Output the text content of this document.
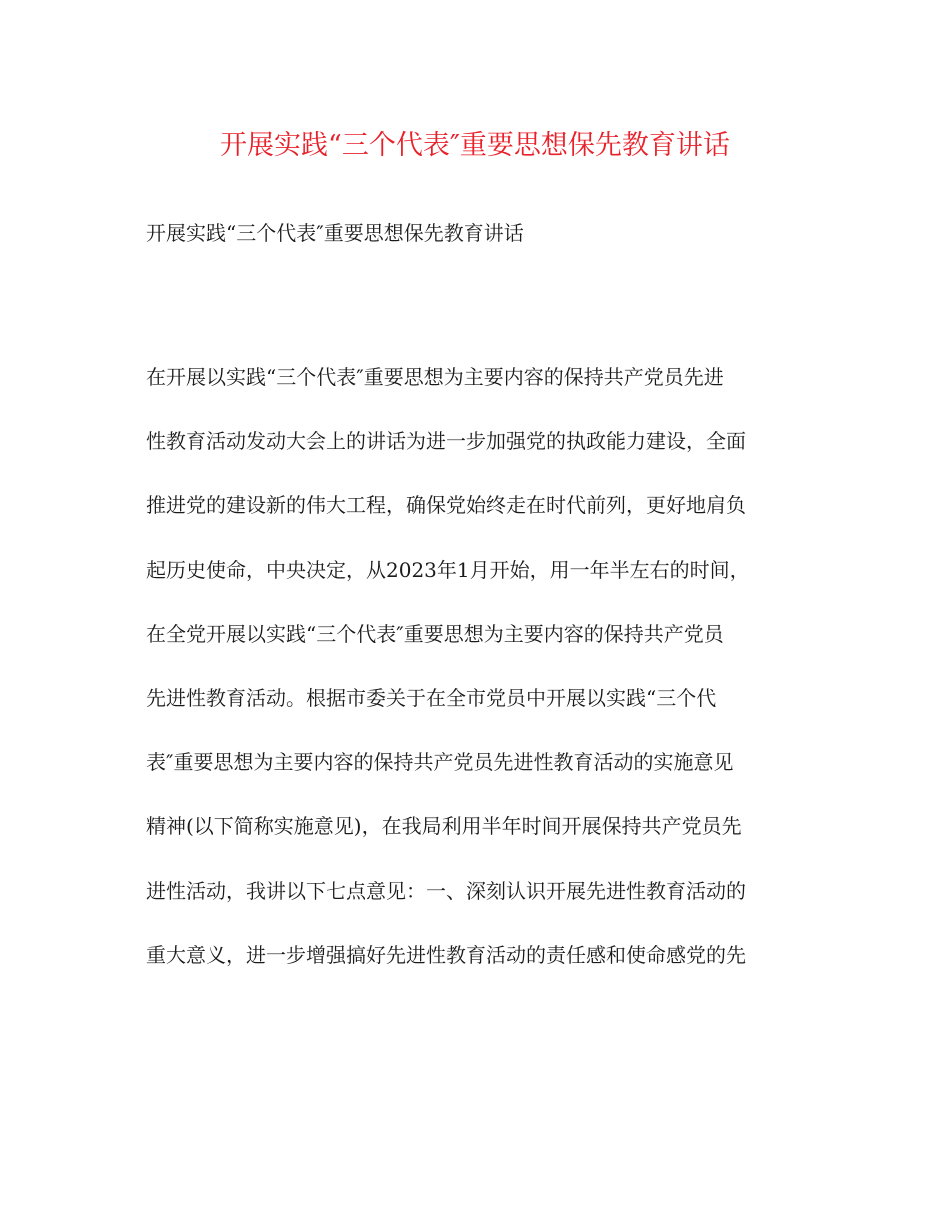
开展实践“三个代表″重要思想保先教育讲话
开展实践“三个代表″重要思想保先教育讲话
在开展以实践“三个代表″重要思想为主要内容的保持共产党员先进
性教育活动发动大会上的讲话为进一步加强党的执政能力建设，全面
推进党的建设新的伟大工程，确保党始终走在时代前列，更好地肩负
起历史使命，中央决定，从2023年1月开始，用一年半左右的时间，
在全党开展以实践“三个代表″重要思想为主要内容的保持共产党员
先进性教育活动。根据市委关于在全市党员中开展以实践“三个代
表″重要思想为主要内容的保持共产党员先进性教育活动的实施意见
精神(以下简称实施意见)，在我局利用半年时间开展保持共产党员先
进性活动，我讲以下七点意见：一、深刻认识开展先进性教育活动的
重大意义，进一步增强搞好先进性教育活动的责任感和使命感党的先
